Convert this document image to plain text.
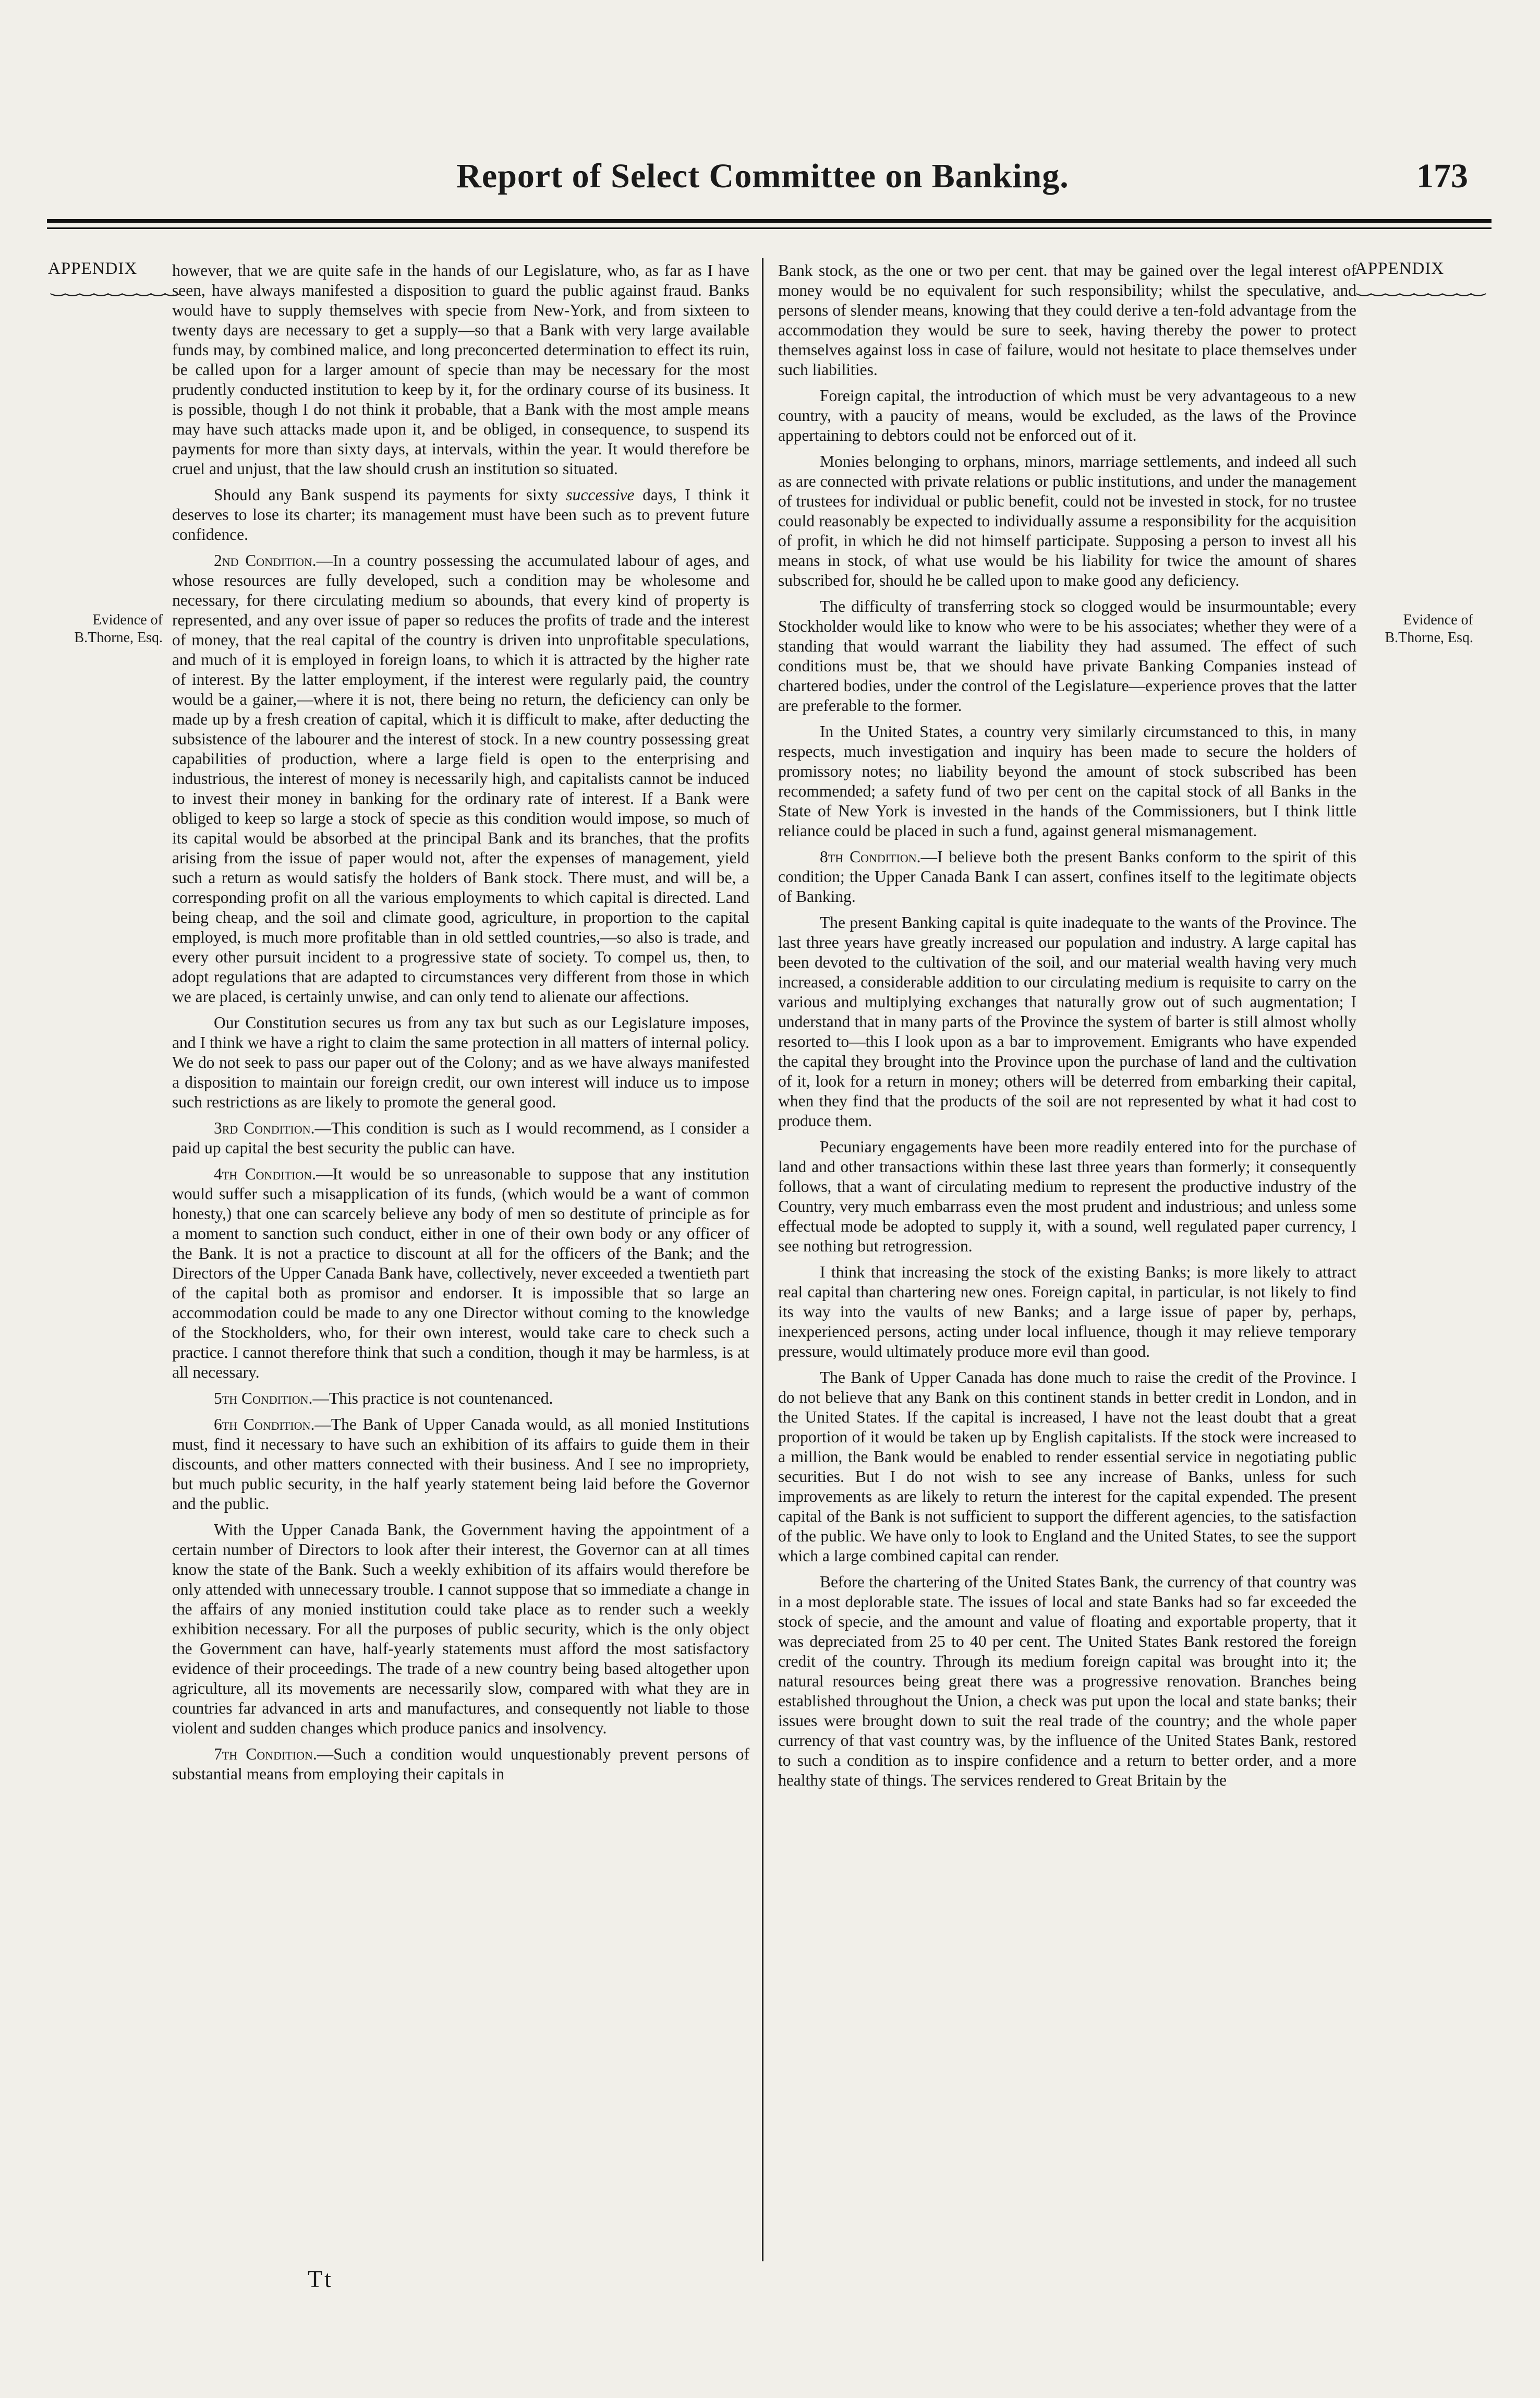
Report of Select Committee on Banking.	173
APPENDIX
‿‿‿‿‿‿‿‿‿
Evidence of
B.Thorne, Esq.
APPENDIX
‿‿‿‿‿‿‿‿‿
Evidence of
B.Thorne, Esq.

however, that we are quite safe in the hands of our Legislature, who, as far as I have seen, have always manifested a disposition to guard the public against fraud. Banks would have to supply themselves with specie from New-York, and from sixteen to twenty days are necessary to get a supply—so that a Bank with very large available funds may, by combined malice, and long preconcerted determination to effect its ruin, be called upon for a larger amount of specie than may be necessary for the most prudently conducted institution to keep by it, for the ordinary course of its business. It is possible, though I do not think it probable, that a Bank with the most ample means may have such attacks made upon it, and be obliged, in consequence, to suspend its payments for more than sixty days, at intervals, within the year. It would therefore be cruel and unjust, that the law should crush an institution so situated.

Should any Bank suspend its payments for sixty successive days, I think it deserves to lose its charter; its management must have been such as to prevent future confidence.

2nd Condition.—In a country possessing the accumulated labour of ages, and whose resources are fully developed, such a condition may be wholesome and necessary, for there circulating medium so abounds, that every kind of property is represented, and any over issue of paper so reduces the profits of trade and the interest of money, that the real capital of the country is driven into unprofitable speculations, and much of it is employed in foreign loans, to which it is attracted by the higher rate of interest. By the latter employment, if the interest were regularly paid, the country would be a gainer,—where it is not, there being no return, the deficiency can only be made up by a fresh creation of capital, which it is difficult to make, after deducting the subsistence of the labourer and the interest of stock. In a new country possessing great capabilities of production, where a large field is open to the enterprising and industrious, the interest of money is necessarily high, and capitalists cannot be induced to invest their money in banking for the ordinary rate of interest. If a Bank were obliged to keep so large a stock of specie as this condition would impose, so much of its capital would be absorbed at the principal Bank and its branches, that the profits arising from the issue of paper would not, after the expenses of management, yield such a return as would satisfy the holders of Bank stock. There must, and will be, a corresponding profit on all the various employments to which capital is directed. Land being cheap, and the soil and climate good, agriculture, in proportion to the capital employed, is much more profitable than in old settled countries,—so also is trade, and every other pursuit incident to a progressive state of society. To compel us, then, to adopt regulations that are adapted to circumstances very different from those in which we are placed, is certainly unwise, and can only tend to alienate our affections.

Our Constitution secures us from any tax but such as our Legislature imposes, and I think we have a right to claim the same protection in all matters of internal policy. We do not seek to pass our paper out of the Colony; and as we have always manifested a disposition to maintain our foreign credit, our own interest will induce us to impose such restrictions as are likely to promote the general good.

3rd Condition.—This condition is such as I would recommend, as I consider a paid up capital the best security the public can have.

4th Condition.—It would be so unreasonable to suppose that any institution would suffer such a misapplication of its funds, (which would be a want of common honesty,) that one can scarcely believe any body of men so destitute of principle as for a moment to sanction such conduct, either in one of their own body or any officer of the Bank. It is not a practice to discount at all for the officers of the Bank; and the Directors of the Upper Canada Bank have, collectively, never exceeded a twentieth part of the capital both as promisor and endorser. It is impossible that so large an accommodation could be made to any one Director without coming to the knowledge of the Stockholders, who, for their own interest, would take care to check such a practice. I cannot therefore think that such a condition, though it may be harmless, is at all necessary.

5th Condition.—This practice is not countenanced.

6th Condition.—The Bank of Upper Canada would, as all monied Institutions must, find it necessary to have such an exhibition of its affairs to guide them in their discounts, and other matters connected with their business. And I see no impropriety, but much public security, in the half yearly statement being laid before the Governor and the public.

With the Upper Canada Bank, the Government having the appointment of a certain number of Directors to look after their interest, the Governor can at all times know the state of the Bank. Such a weekly exhibition of its affairs would therefore be only attended with unnecessary trouble. I cannot suppose that so immediate a change in the affairs of any monied institution could take place as to render such a weekly exhibition necessary. For all the purposes of public security, which is the only object the Government can have, half-yearly statements must afford the most satisfactory evidence of their proceedings. The trade of a new country being based altogether upon agriculture, all its movements are necessarily slow, compared with what they are in countries far advanced in arts and manufactures, and consequently not liable to those violent and sudden changes which produce panics and insolvency.

7th Condition.—Such a condition would unquestionably prevent persons of substantial means from employing their capitals in

Bank stock, as the one or two per cent. that may be gained over the legal interest of money would be no equivalent for such responsibility; whilst the speculative, and persons of slender means, knowing that they could derive a ten-fold advantage from the accommodation they would be sure to seek, having thereby the power to protect themselves against loss in case of failure, would not hesitate to place themselves under such liabilities.

Foreign capital, the introduction of which must be very advantageous to a new country, with a paucity of means, would be excluded, as the laws of the Province appertaining to debtors could not be enforced out of it.

Monies belonging to orphans, minors, marriage settlements, and indeed all such as are connected with private relations or public institutions, and under the management of trustees for individual or public benefit, could not be invested in stock, for no trustee could reasonably be expected to individually assume a responsibility for the acquisition of profit, in which he did not himself participate. Supposing a person to invest all his means in stock, of what use would be his liability for twice the amount of shares subscribed for, should he be called upon to make good any deficiency.

The difficulty of transferring stock so clogged would be insurmountable; every Stockholder would like to know who were to be his associates; whether they were of a standing that would warrant the liability they had assumed. The effect of such conditions must be, that we should have private Banking Companies instead of chartered bodies, under the control of the Legislature—experience proves that the latter are preferable to the former.

In the United States, a country very similarly circumstanced to this, in many respects, much investigation and inquiry has been made to secure the holders of promissory notes; no liability beyond the amount of stock subscribed has been recommended; a safety fund of two per cent on the capital stock of all Banks in the State of New York is invested in the hands of the Commissioners, but I think little reliance could be placed in such a fund, against general mismanagement.

8th Condition.—I believe both the present Banks conform to the spirit of this condition; the Upper Canada Bank I can assert, confines itself to the legitimate objects of Banking.

The present Banking capital is quite inadequate to the wants of the Province. The last three years have greatly increased our population and industry. A large capital has been devoted to the cultivation of the soil, and our material wealth having very much increased, a considerable addition to our circulating medium is requisite to carry on the various and multiplying exchanges that naturally grow out of such augmentation; I understand that in many parts of the Province the system of barter is still almost wholly resorted to—this I look upon as a bar to improvement. Emigrants who have expended the capital they brought into the Province upon the purchase of land and the cultivation of it, look for a return in money; others will be deterred from embarking their capital, when they find that the products of the soil are not represented by what it had cost to produce them.

Pecuniary engagements have been more readily entered into for the purchase of land and other transactions within these last three years than formerly; it consequently follows, that a want of circulating medium to represent the productive industry of the Country, very much embarrass even the most prudent and industrious; and unless some effectual mode be adopted to supply it, with a sound, well regulated paper currency, I see nothing but retrogression.

I think that increasing the stock of the existing Banks; is more likely to attract real capital than chartering new ones. Foreign capital, in particular, is not likely to find its way into the vaults of new Banks; and a large issue of paper by, perhaps, inexperienced persons, acting under local influence, though it may relieve temporary pressure, would ultimately produce more evil than good.

The Bank of Upper Canada has done much to raise the credit of the Province. I do not believe that any Bank on this continent stands in better credit in London, and in the United States. If the capital is increased, I have not the least doubt that a great proportion of it would be taken up by English capitalists. If the stock were increased to a million, the Bank would be enabled to render essential service in negotiating public securities. But I do not wish to see any increase of Banks, unless for such improvements as are likely to return the interest for the capital expended. The present capital of the Bank is not sufficient to support the different agencies, to the satisfaction of the public. We have only to look to England and the United States, to see the support which a large combined capital can render.

Before the chartering of the United States Bank, the currency of that country was in a most deplorable state. The issues of local and state Banks had so far exceeded the stock of specie, and the amount and value of floating and exportable property, that it was depreciated from 25 to 40 per cent. The United States Bank restored the foreign credit of the country. Through its medium foreign capital was brought into it; the natural resources being great there was a progressive renovation. Branches being established throughout the Union, a check was put upon the local and state banks; their issues were brought down to suit the real trade of the country; and the whole paper currency of that vast country was, by the influence of the United States Bank, restored to such a condition as to inspire confidence and a return to better order, and a more healthy state of things. The services rendered to Great Britain by the

Tt
